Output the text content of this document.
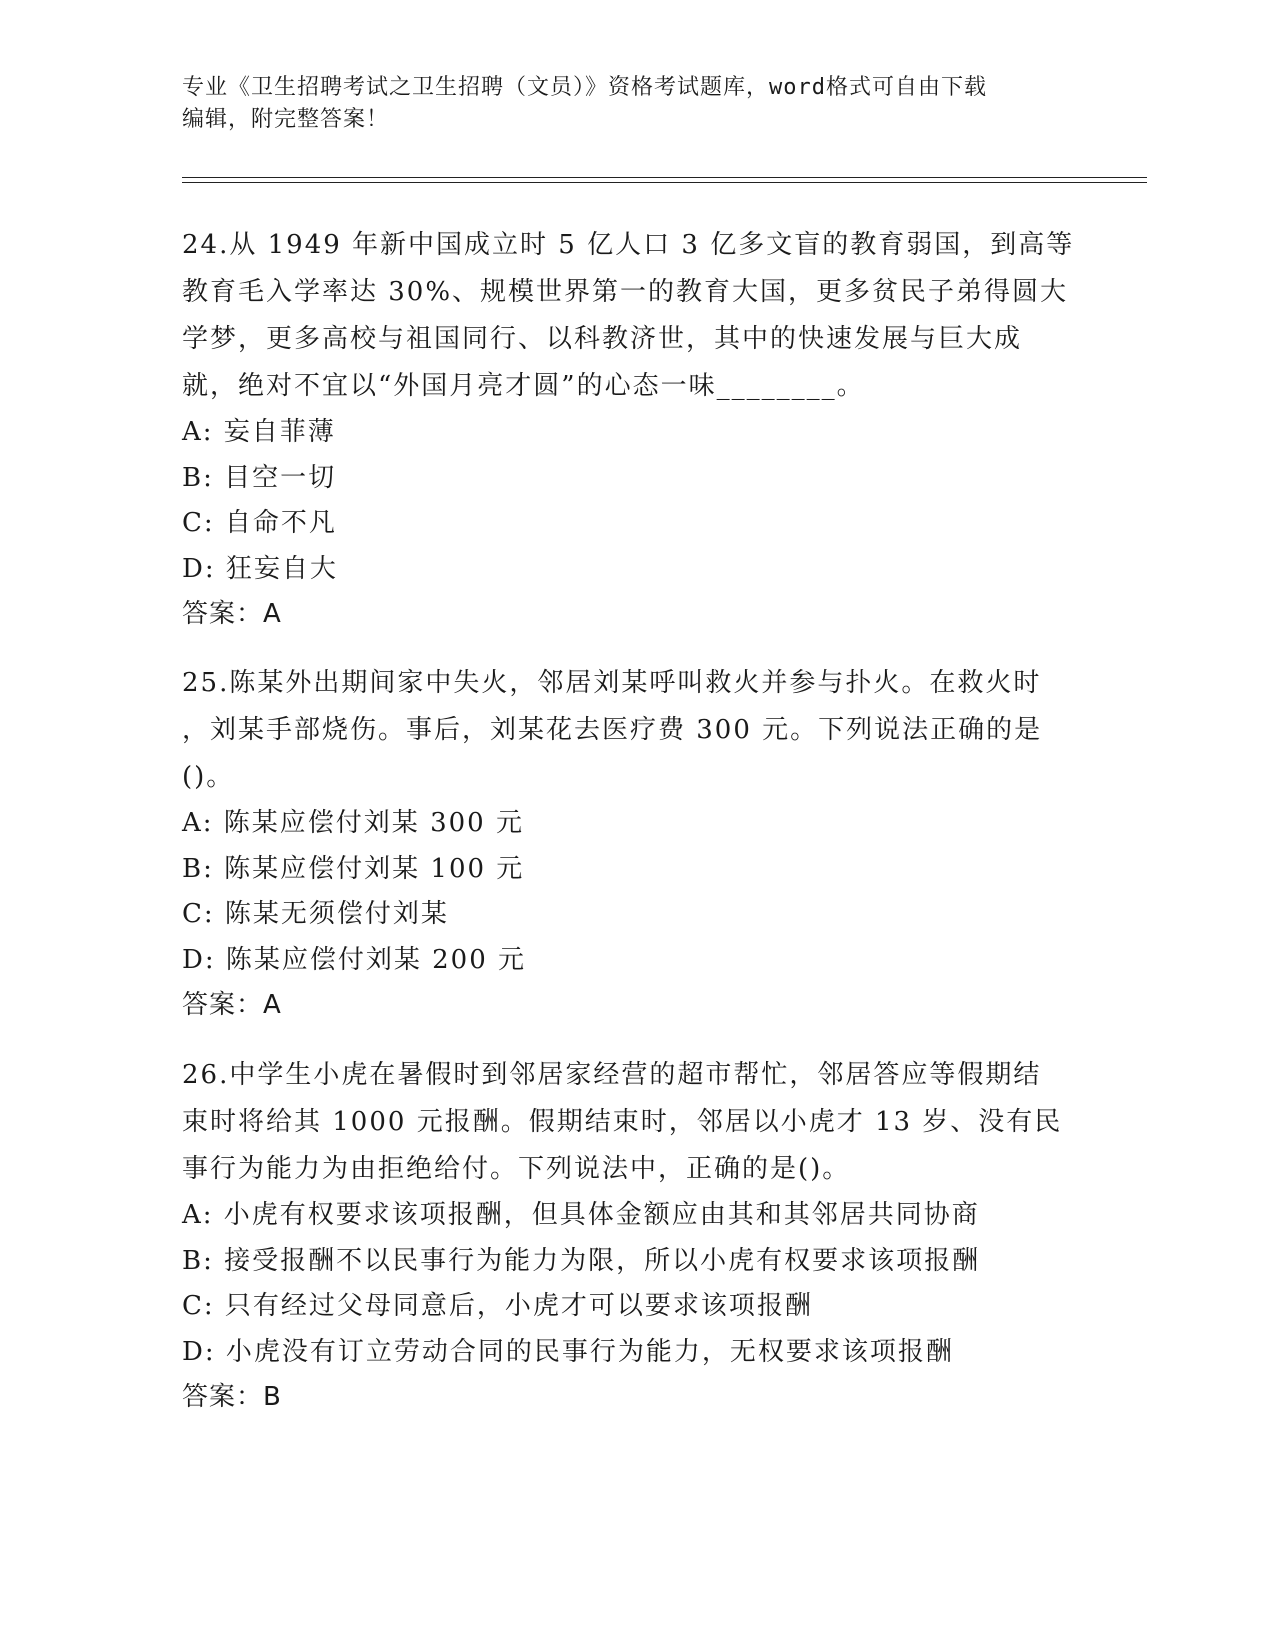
专业《卫生招聘考试之卫生招聘（文员）》资格考试题库，word格式可自由下载
编辑，附完整答案！
24.从 1949 年新中国成立时 5 亿人口 3 亿多文盲的教育弱国，到高等
教育毛入学率达 30%、规模世界第一的教育大国，更多贫民子弟得圆大
学梦，更多高校与祖国同行、以科教济世，其中的快速发展与巨大成
就，绝对不宜以“外国月亮才圆”的心态一味________。
A: 妄自菲薄
B: 目空一切
C: 自命不凡
D: 狂妄自大
答案：A
25.陈某外出期间家中失火，邻居刘某呼叫救火并参与扑火。在救火时
，刘某手部烧伤。事后，刘某花去医疗费 300 元。下列说法正确的是
()。
A: 陈某应偿付刘某 300 元
B: 陈某应偿付刘某 100 元
C: 陈某无须偿付刘某
D: 陈某应偿付刘某 200 元
答案：A
26.中学生小虎在暑假时到邻居家经营的超市帮忙，邻居答应等假期结
束时将给其 1000 元报酬。假期结束时，邻居以小虎才 13 岁、没有民
事行为能力为由拒绝给付。下列说法中，正确的是()。
A: 小虎有权要求该项报酬，但具体金额应由其和其邻居共同协商
B: 接受报酬不以民事行为能力为限，所以小虎有权要求该项报酬
C: 只有经过父母同意后，小虎才可以要求该项报酬
D: 小虎没有订立劳动合同的民事行为能力，无权要求该项报酬
答案：B
